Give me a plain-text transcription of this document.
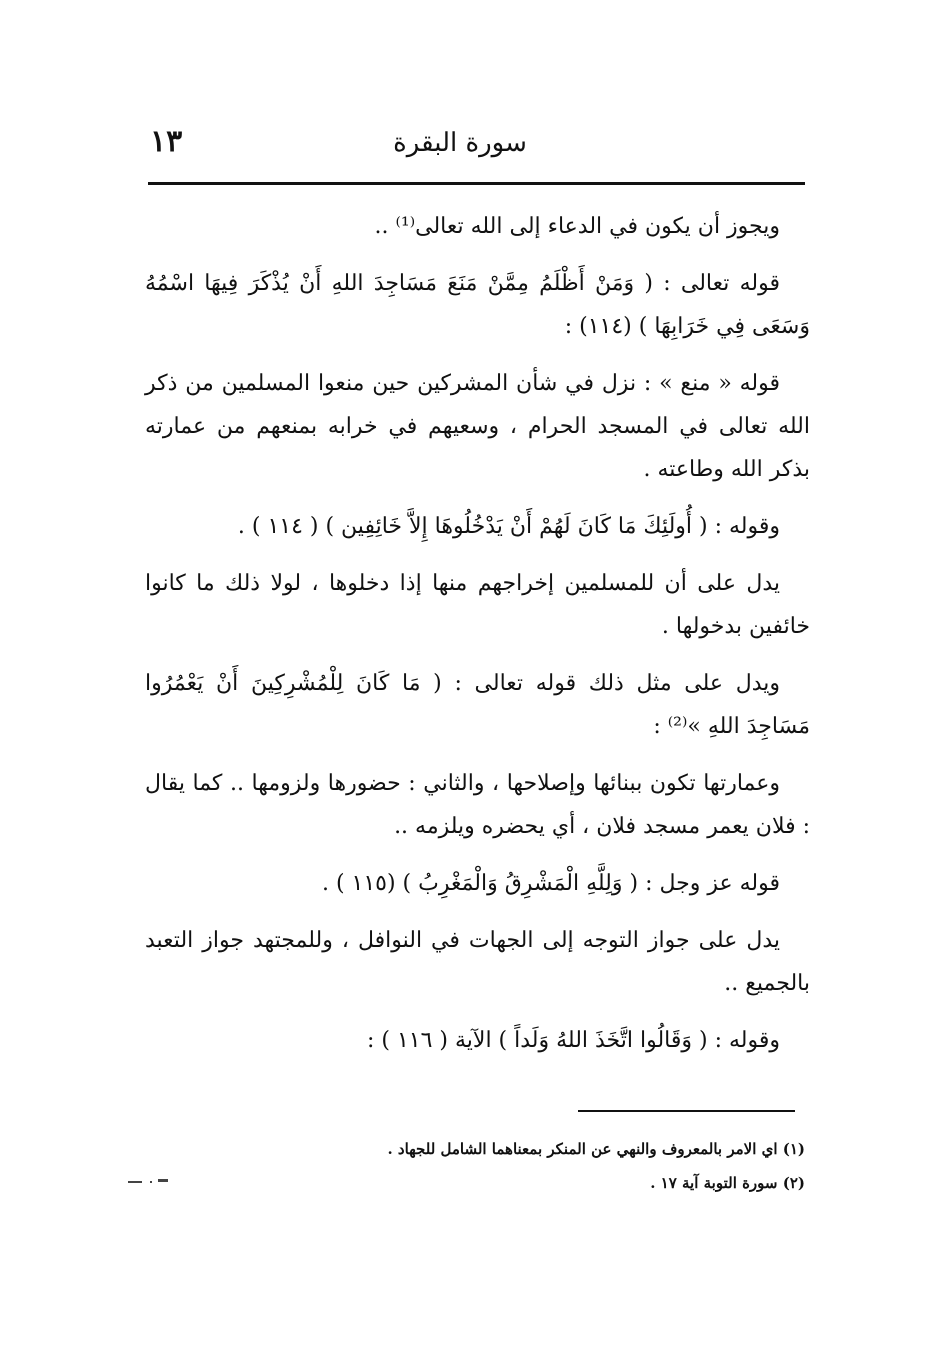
سورة البقرة
١٣

ويجوز أن يكون في الدعاء إلى الله تعالى⁽¹⁾ ..

قوله تعالى : ( وَمَنْ أَظْلَمُ مِمَّنْ مَنَعَ مَسَاجِدَ اللهِ أَنْ يُذْكَرَ فِيهَا اسْمُهُ وَسَعَى فِي خَرَابِهَا ) (١١٤) :

قوله « منع » : نزل في شأن المشركين حين منعوا المسلمين من ذكر الله تعالى في المسجد الحرام ، وسعيهم في خرابه بمنعهم من عمارته بذكر الله وطاعته .

وقوله : ( أُولَئِكَ مَا كَانَ لَهُمْ أَنْ يَدْخُلُوهَا إِلاَّ خَائِفِين ) ( ١١٤ ) .

يدل على أن للمسلمين إخراجهم منها إذا دخلوها ، لولا ذلك ما كانوا خائفين بدخولها .

ويدل على مثل ذلك قوله تعالى : ( مَا كَانَ لِلْمُشْرِكِينَ أَنْ يَعْمُرُوا مَسَاجِدَ اللهِ »⁽²⁾ :

وعمارتها تكون ببنائها وإصلاحها ، والثاني : حضورها ولزومها .. كما يقال : فلان يعمر مسجد فلان ، أي يحضره ويلزمه ..

قوله عز وجل : ( وَلِلَّهِ الْمَشْرِقُ وَالْمَغْرِبُ ) (١١٥ ) .

يدل على جواز التوجه إلى الجهات في النوافل ، وللمجتهد جواز التعبد بالجميع ..

وقوله : ( وَقَالُوا اتَّخَذَ اللهُ وَلَداً ) الآية ( ١١٦ ) :

(١) اي الامر بالمعروف والنهي عن المنكر بمعناهما الشامل للجهاد .

(٢) سورة التوبة آية ١٧ .
